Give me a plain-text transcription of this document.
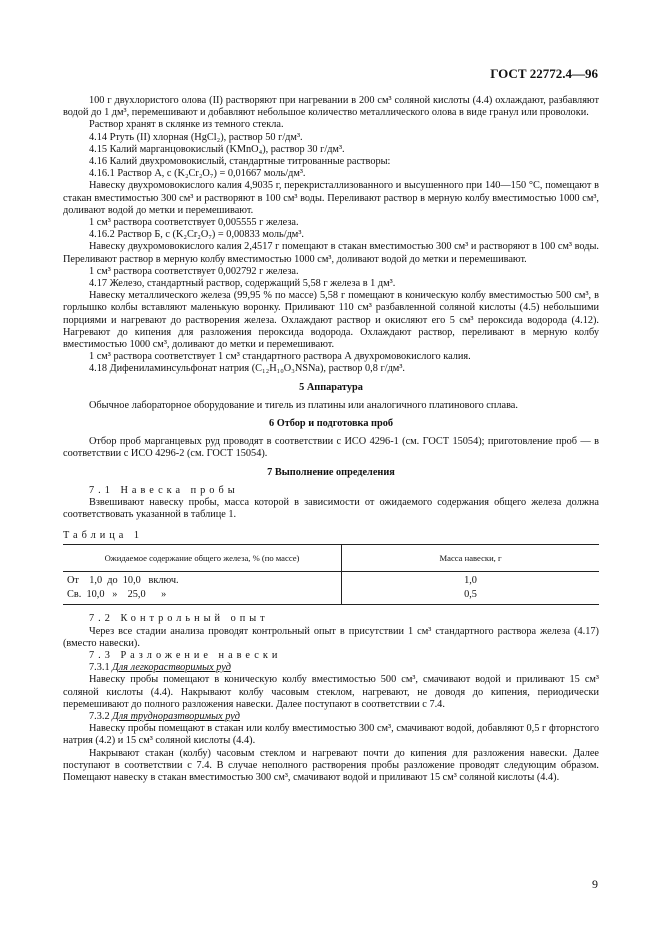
ГОСТ 22772.4—96

100 г двухлористого олова (II) растворяют при нагревании в 200 см³ соляной кислоты (4.4) охлаждают, разбавляют водой до 1 дм³, перемешивают и добавляют небольшое количество металлического олова в виде гранул или проволоки.

Раствор хранят в склянке из темного стекла.

4.14 Ртуть (II) хлорная (HgCl₂), раствор 50 г/дм³.

4.15 Калий марганцовокислый (KMnO₄), раствор 30 г/дм³.

4.16 Калий двухромовокислый, стандартные титрованные растворы:

4.16.1 Раствор А, c (K₂Cr₂O₇) = 0,01667 моль/дм³.

Навеску двухромовокислого калия 4,9035 г, перекристаллизованного и высушенного при 140—150 °С, помещают в стакан вместимостью 300 см³ и растворяют в 100 см³ воды. Переливают раствор в мерную колбу вместимостью 1000 см³, доливают водой до метки и перемешивают.

1 см³ раствора соответствует 0,005555 г железа.

4.16.2 Раствор Б, c (K₂Cr₂O₇) = 0,00833 моль/дм³.

Навеску двухромовокислого калия 2,4517 г помещают в стакан вместимостью 300 см³ и растворяют в 100 см³ воды. Переливают раствор в мерную колбу вместимостью 1000 см³, доливают водой до метки и перемешивают.

1 см³ раствора соответствует 0,002792 г железа.

4.17 Железо, стандартный раствор, содержащий 5,58 г железа в 1 дм³.

Навеску металлического железа (99,95 % по массе) 5,58 г помещают в коническую колбу вместимостью 500 см³, в горлышко колбы вставляют маленькую воронку. Приливают 110 см³ разбавленной соляной кислоты (4.5) небольшими порциями и нагревают до растворения железа. Охлаждают раствор и окисляют его 5 см³ пероксида водорода (4.12). Нагревают до кипения для разложения пероксида водорода. Охлаждают раствор, переливают в мерную колбу вместимостью 1000 см³, доливают до метки и перемешивают.

1 см³ раствора соответствует 1 см³ стандартного раствора А двухромовокислого калия.

4.18 Дифениламинсульфонат натрия (C₁₂H₁₀O₃NSNa), раствор 0,8 г/дм³.

5 Аппаратура

Обычное лабораторное оборудование и тигель из платины или аналогичного платинового сплава.

6 Отбор и подготовка проб

Отбор проб марганцевых руд проводят в соответствии с ИСО 4296-1 (см. ГОСТ 15054); приготовление проб — в соответствии с ИСО 4296-2 (см. ГОСТ 15054).

7 Выполнение определения

7.1 Навеска пробы

Взвешивают навеску пробы, масса которой в зависимости от ожидаемого содержания общего железа должна соответствовать указанной в таблице 1.

Таблица 1

Ожидаемое содержание общего железа, % (по массе)	Масса навески, г
От    1,0  до  10,0   включ.	1,0
Св.  10,0   »    25,0      »	0,5

7.2 Контрольный опыт

Через все стадии анализа проводят контрольный опыт в присутствии 1 см³ стандартного раствора железа (4.17) (вместо навески).

7.3 Разложение навески

7.3.1 Для легкорастворимых руд

Навеску пробы помещают в коническую колбу вместимостью 500 см³, смачивают водой и приливают 15 см³ соляной кислоты (4.4). Накрывают колбу часовым стеклом, нагревают, не доводя до кипения, периодически перемешивают до полного разложения навески. Далее поступают в соответствии с 7.4.

7.3.2 Для трудноразтворимых руд

Навеску пробы помещают в стакан или колбу вместимостью 300 см³, смачивают водой, добавляют 0,5 г фторнстого натрия (4.2) и 15 см³ соляной кислоты (4.4).

Накрывают стакан (колбу) часовым стеклом и нагревают почти до кипения для разложения навески. Далее поступают в соответствии с 7.4. В случае неполного растворения пробы разложение проводят следующим образом. Помещают навеску в стакан вместимостью 300 см³, смачивают водой и приливают 15 см³ соляной кислоты (4.4).

9
